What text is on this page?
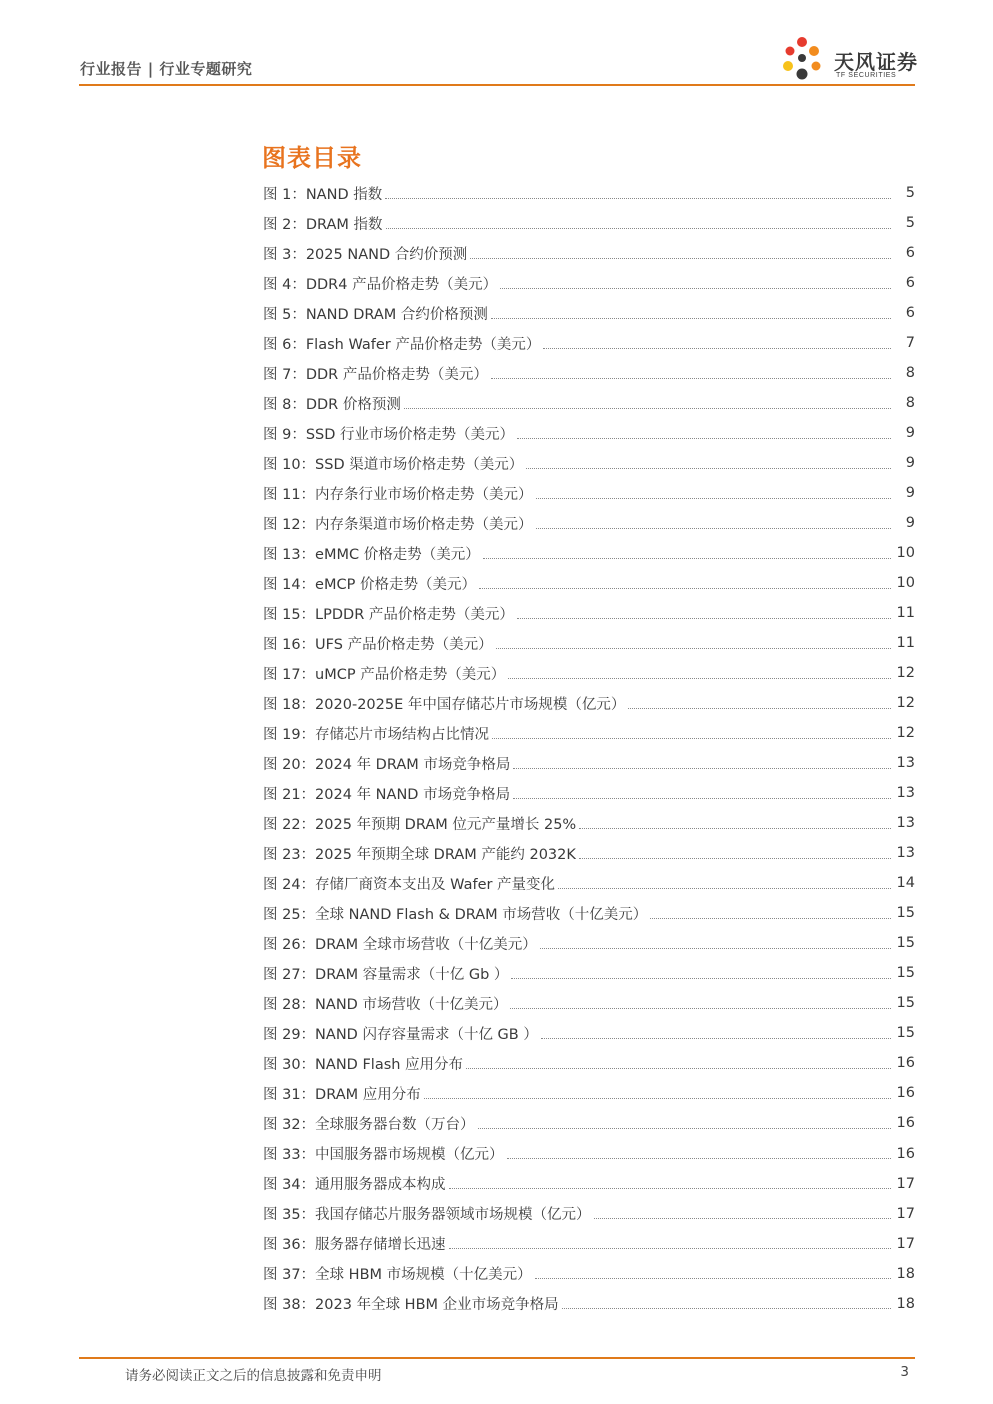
行业报告 | 行业专题研究	天风证券
TF SECURITIES
图表目录
图 1：NAND 指数	5
图 2：DRAM 指数	5
图 3：2025 NAND 合约价预测	6
图 4：DDR4 产品价格走势（美元）	6
图 5：NAND DRAM 合约价格预测	6
图 6：Flash Wafer 产品价格走势（美元）	7
图 7：DDR 产品价格走势（美元）	8
图 8：DDR 价格预测	8
图 9：SSD 行业市场价格走势（美元）	9
图 10：SSD 渠道市场价格走势（美元）	9
图 11：内存条行业市场价格走势（美元）	9
图 12：内存条渠道市场价格走势（美元）	9
图 13：eMMC 价格走势（美元）	10
图 14：eMCP 价格走势（美元）	10
图 15：LPDDR 产品价格走势（美元）	11
图 16：UFS 产品价格走势（美元）	11
图 17：uMCP 产品价格走势（美元）	12
图 18：2020-2025E 年中国存储芯片市场规模（亿元）	12
图 19：存储芯片市场结构占比情况	12
图 20：2024 年 DRAM 市场竞争格局	13
图 21：2024 年 NAND 市场竞争格局	13
图 22：2025 年预期 DRAM 位元产量增长 25%	13
图 23：2025 年预期全球 DRAM 产能约 2032K	13
图 24：存储厂商资本支出及 Wafer 产量变化	14
图 25：全球 NAND Flash & DRAM 市场营收（十亿美元）	15
图 26：DRAM 全球市场营收（十亿美元）	15
图 27：DRAM 容量需求（十亿 Gb ）	15
图 28：NAND 市场营收（十亿美元）	15
图 29：NAND 闪存容量需求（十亿 GB ）	15
图 30：NAND Flash 应用分布	16
图 31：DRAM 应用分布	16
图 32：全球服务器台数（万台）	16
图 33：中国服务器市场规模（亿元）	16
图 34：通用服务器成本构成	17
图 35：我国存储芯片服务器领域市场规模（亿元）	17
图 36：服务器存储增长迅速	17
图 37：全球 HBM 市场规模（十亿美元）	18
图 38：2023 年全球 HBM 企业市场竞争格局	18
请务必阅读正文之后的信息披露和免责申明	3
